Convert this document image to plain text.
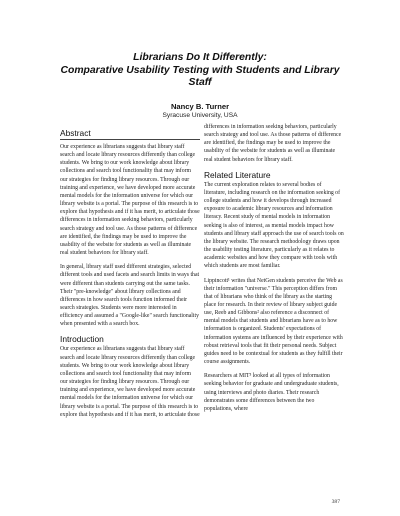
Librarians Do It Differently:
Comparative Usability Testing with Students and Library Staff
Nancy B. Turner
Syracuse University, USA
Abstract

Our experience as librarians suggests that library staff search and locate library resources differently than college students. We bring to our work knowledge about library collections and search tool functionality that may inform our strategies for finding library resources. Through our training and experience, we have developed more accurate mental models for the information universe for which our library website is a portal. The purpose of this research is to explore that hypothesis and if it has merit, to articulate those differences in information seeking behaviors, particularly search strategy and tool use. As those patterns of difference are identified, the findings may be used to improve the usability of the website for students as well as illuminate real student behaviors for library staff.

In general, library staff used different strategies, selected different tools and used facets and search limits in ways that were different than students carrying out the same tasks. Their "pre-knowledge" about library collections and differences in how search tools function informed their search strategies. Students were more interested in efficiency and assumed a "Google-like" search functionality when presented with a search box.

Introduction

Our experience as librarians suggests that library staff search and locate library resources differently than college students. We bring to our work knowledge about library collections and search tool functionality that may inform our strategies for finding library resources. Through our training and experience, we have developed more accurate mental models for the information universe for which our library website is a portal. The purpose of this research is to explore that hypothesis and if it has merit, to articulate those

differences in information seeking behaviors, particularly search strategy and tool use. As those patterns of difference are identified, the findings may be used to improve the usability of the website for students as well as illuminate real student behaviors for library staff.

Related Literature

The current exploration relates to several bodies of literature, including research on the information seeking of college students and how it develops through increased exposure to academic library resources and information literacy. Recent study of mental models in information seeking is also of interest, as mental models impact how students and library staff approach the use of search tools on the library website. The research methodology draws upon the usability testing literature, particularly as it relates to academic websites and how they compare with tools with which students are most familiar.

Lippincott¹ writes that NetGen students perceive the Web as their information "universe." This perception differs from that of librarians who think of the library as the starting place for research. In their review of library subject guide use, Reeb and Gibbons² also reference a disconnect of mental models that students and librarians have as to how information is organized. Students' expectations of information systems are influenced by their experience with robust retrieval tools that fit their personal needs. Subject guides need to be contextual for students as they fulfill their course assignments.

Researchers at MIT³ looked at all types of information seeking behavior for graduate and undergraduate students, using interviews and photo diaries. Their research demonstrates some differences between the two populations, where

387
